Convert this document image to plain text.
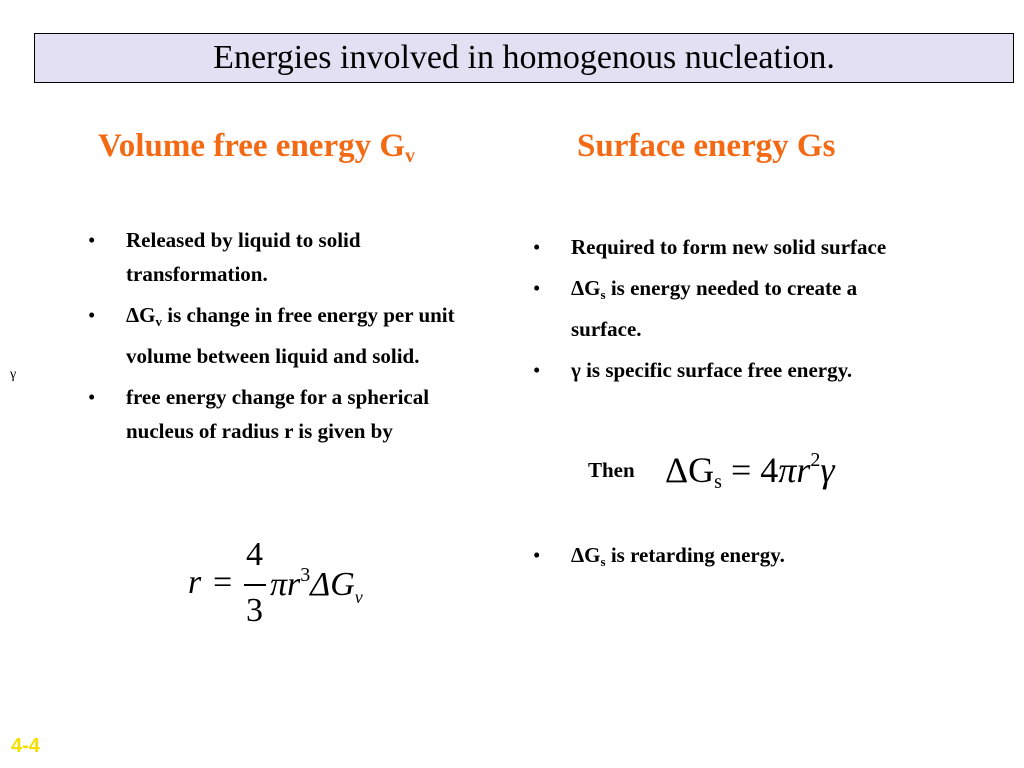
Energies involved in homogenous nucleation.
Volume free energy $G_v$	Surface energy Gs
• Released by liquid to solid transformation.
• ΔGv is change in free energy per unit volume between liquid and solid.
• free energy change for a spherical nucleus of radius r is given by
r =
4
3
$\pi r^3\Delta G_v$
• Required to form new solid surface
• ΔGs is energy needed to create a surface.
• γ is specific surface free energy.
Then $\Delta Gs = 4\pi r^2\gamma$
• ΔGs is retarding energy.
γ
4-4
